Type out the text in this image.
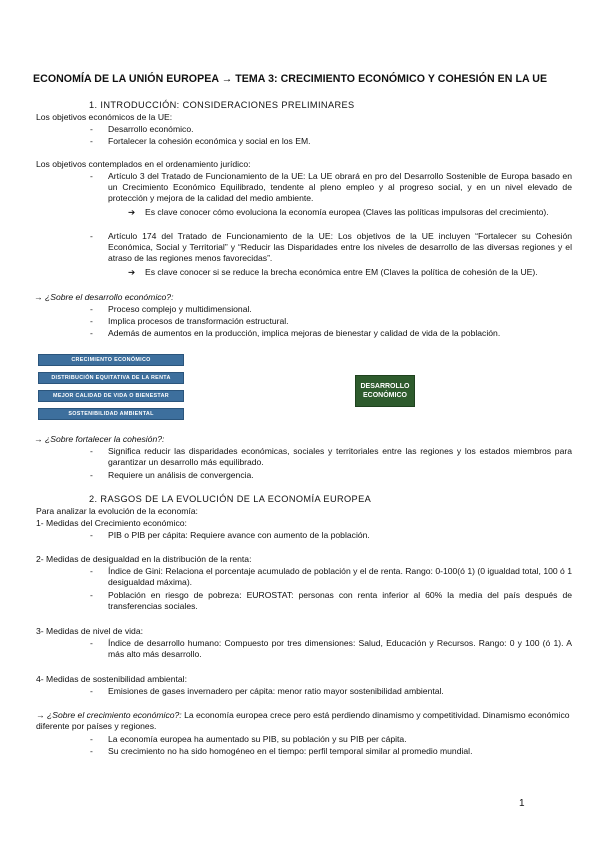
ECONOMÍA DE LA UNIÓN EUROPEA → TEMA 3: CRECIMIENTO ECONÓMICO Y COHESIÓN EN LA UE
1. INTRODUCCIÓN: CONSIDERACIONES PRELIMINARES
Los objetivos económicos de la UE:
- Desarrollo económico.
- Fortalecer la cohesión económica y social en los EM.
Los objetivos contemplados en el ordenamiento jurídico:
- Artículo 3 del Tratado de Funcionamiento de la UE: La UE obrará en pro del Desarrollo Sostenible de Europa basado en un Crecimiento Económico Equilibrado, tendente al pleno empleo y al progreso social, y en un nivel elevado de protección y mejora de la calidad del medio ambiente.
➔ Es clave conocer cómo evoluciona la economía europea (Claves las políticas impulsoras del crecimiento).
- Artículo 174 del Tratado de Funcionamiento de la UE: Los objetivos de la UE incluyen “Fortalecer su Cohesión Económica, Social y Territorial” y “Reducir las Disparidades entre los niveles de desarrollo de las diversas regiones y el atraso de las regiones menos favorecidas”.
➔ Es clave conocer si se reduce la brecha económica entre EM (Claves la política de cohesión de la UE).
→ ¿Sobre el desarrollo económico?:
- Proceso complejo y multidimensional.
- Implica procesos de transformación estructural.
- Además de aumentos en la producción, implica mejoras de bienestar y calidad de vida de la población.
CRECIMIENTO ECONÓMICO
DISTRIBUCIÓN EQUITATIVA DE LA RENTA
MEJOR CALIDAD DE VIDA O BIENESTAR
SOSTENIBILIDAD AMBIENTAL
DESARROLLO
ECONÓMICO
→ ¿Sobre fortalecer la cohesión?:
- Significa reducir las disparidades económicas, sociales y territoriales entre las regiones y los estados miembros para garantizar un desarrollo más equilibrado.
- Requiere un análisis de convergencia.
2. RASGOS DE LA EVOLUCIÓN DE LA ECONOMÍA EUROPEA
Para analizar la evolución de la economía:
1- Medidas del Crecimiento económico:
- PIB o PIB per cápita: Requiere avance con aumento de la población.
2- Medidas de desigualdad en la distribución de la renta:
- Índice de Gini: Relaciona el porcentaje acumulado de población y el de renta. Rango: 0-100(ó 1) (0 igualdad total, 100 ó 1 desigualdad máxima).
- Población en riesgo de pobreza: EUROSTAT: personas con renta inferior al 60% la media del país después de transferencias sociales.
3- Medidas de nivel de vida:
- Índice de desarrollo humano: Compuesto por tres dimensiones: Salud, Educación y Recursos. Rango: 0 y 100 (ó 1). A más alto más desarrollo.
4- Medidas de sostenibilidad ambiental:
- Emisiones de gases invernadero per cápita: menor ratio mayor sostenibilidad ambiental.
→ ¿Sobre el crecimiento económico?: La economía europea crece pero está perdiendo dinamismo y competitividad. Dinamismo económico diferente por países y regiones.
- La economía europea ha aumentado su PIB, su población y su PIB per cápita.
- Su crecimiento no ha sido homogéneo en el tiempo: perfil temporal similar al promedio mundial.
1
